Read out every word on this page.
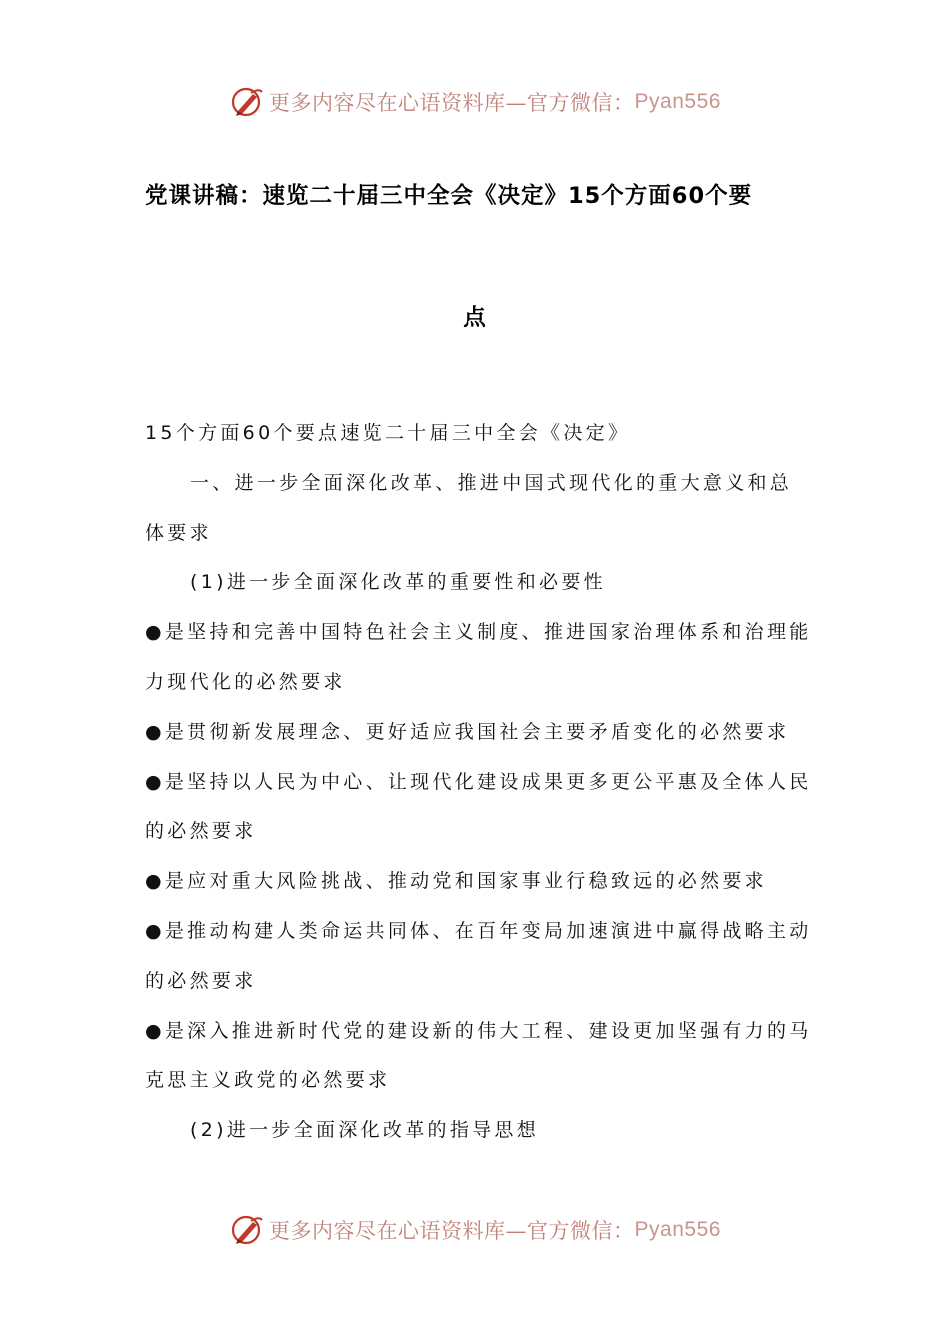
更多内容尽在心语资料库—官方微信： Pyan556
党课讲稿：速览二十届三中全会《决定》15个方面60个要
点
15个方面60个要点速览二十届三中全会《决定》
一、进一步全面深化改革、推进中国式现代化的重大意义和总
体要求
(1)进一步全面深化改革的重要性和必要性
●是坚持和完善中国特色社会主义制度、推进国家治理体系和治理能
力现代化的必然要求
●是贯彻新发展理念、更好适应我国社会主要矛盾变化的必然要求
●是坚持以人民为中心、让现代化建设成果更多更公平惠及全体人民
的必然要求
●是应对重大风险挑战、推动党和国家事业行稳致远的必然要求
●是推动构建人类命运共同体、在百年变局加速演进中赢得战略主动
的必然要求
●是深入推进新时代党的建设新的伟大工程、建设更加坚强有力的马
克思主义政党的必然要求
(2)进一步全面深化改革的指导思想
更多内容尽在心语资料库—官方微信： Pyan556
